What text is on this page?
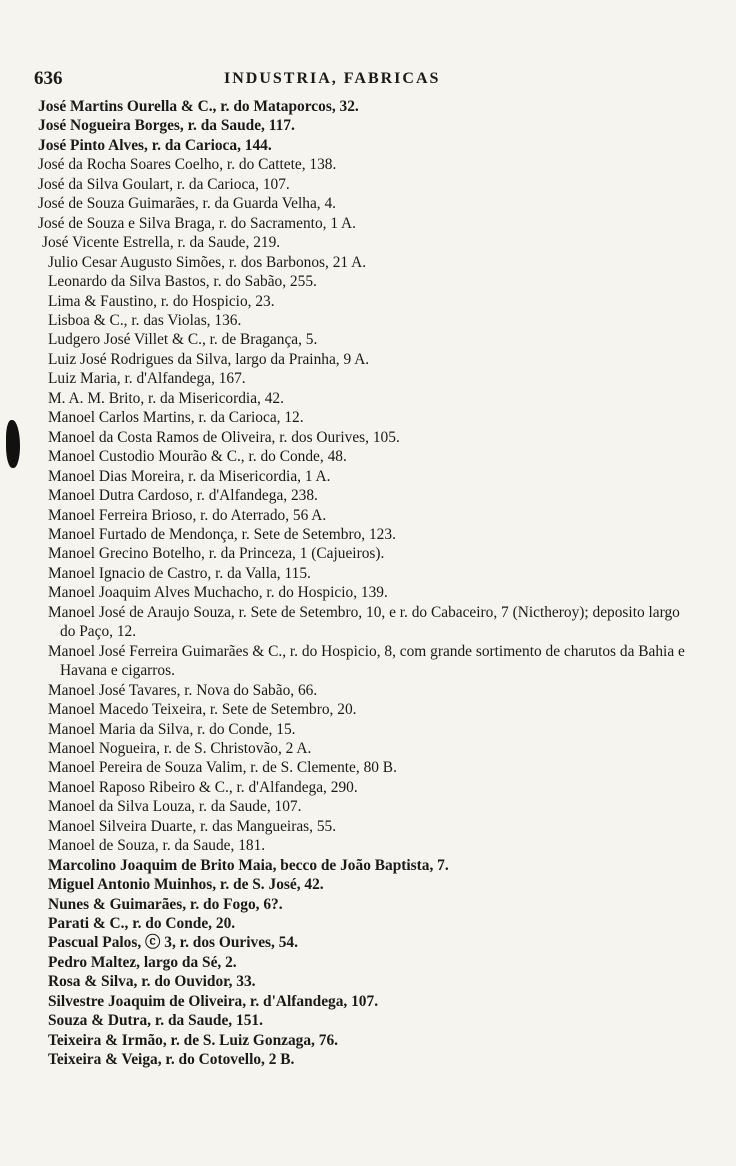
636	INDUSTRIA, FABRICAS
José Martins Ourella & C., r. do Mataporcos, 32.
José Nogueira Borges, r. da Saude, 117.
José Pinto Alves, r. da Carioca, 144.
José da Rocha Soares Coelho, r. do Cattete, 138.
José da Silva Goulart, r. da Carioca, 107.
José de Souza Guimarães, r. da Guarda Velha, 4.
José de Souza e Silva Braga, r. do Sacramento, 1 A.
José Vicente Estrella, r. da Saude, 219.
Julio Cesar Augusto Simões, r. dos Barbonos, 21 A.
Leonardo da Silva Bastos, r. do Sabão, 255.
Lima & Faustino, r. do Hospicio, 23.
Lisboa & C., r. das Violas, 136.
Ludgero José Villet & C., r. de Bragança, 5.
Luiz José Rodrigues da Silva, largo da Prainha, 9 A.
Luiz Maria, r. d'Alfandega, 167.
M. A. M. Brito, r. da Misericordia, 42.
Manoel Carlos Martins, r. da Carioca, 12.
Manoel da Costa Ramos de Oliveira, r. dos Ourives, 105.
Manoel Custodio Mourão & C., r. do Conde, 48.
Manoel Dias Moreira, r. da Misericordia, 1 A.
Manoel Dutra Cardoso, r. d'Alfandega, 238.
Manoel Ferreira Brioso, r. do Aterrado, 56 A.
Manoel Furtado de Mendonça, r. Sete de Setembro, 123.
Manoel Grecino Botelho, r. da Princeza, 1 (Cajueiros).
Manoel Ignacio de Castro, r. da Valla, 115.
Manoel Joaquim Alves Muchacho, r. do Hospicio, 139.
Manoel José de Araujo Souza, r. Sete de Setembro, 10, e r. do Cabaceiro, 7 (Nictheroy); deposito largo do Paço, 12.
Manoel José Ferreira Guimarães & C., r. do Hospicio, 8, com grande sortimento de charutos da Bahia e Havana e cigarros.
Manoel José Tavares, r. Nova do Sabão, 66.
Manoel Macedo Teixeira, r. Sete de Setembro, 20.
Manoel Maria da Silva, r. do Conde, 15.
Manoel Nogueira, r. de S. Christovão, 2 A.
Manoel Pereira de Souza Valim, r. de S. Clemente, 80 B.
Manoel Raposo Ribeiro & C., r. d'Alfandega, 290.
Manoel da Silva Louza, r. da Saude, 107.
Manoel Silveira Duarte, r. das Mangueiras, 55.
Manoel de Souza, r. da Saude, 181.
Marcolino Joaquim de Brito Maia, becco de João Baptista, 7.
Miguel Antonio Muinhos, r. de S. José, 42.
Nunes & Guimarães, r. do Fogo, 6?.
Parati & C., r. do Conde, 20.
Pascual Palos, ⓒ 3, r. dos Ourives, 54.
Pedro Maltez, largo da Sé, 2.
Rosa & Silva, r. do Ouvidor, 33.
Silvestre Joaquim de Oliveira, r. d'Alfandega, 107.
Souza & Dutra, r. da Saude, 151.
Teixeira & Irmão, r. de S. Luiz Gonzaga, 76.
Teixeira & Veiga, r. do Cotovello, 2 B.
